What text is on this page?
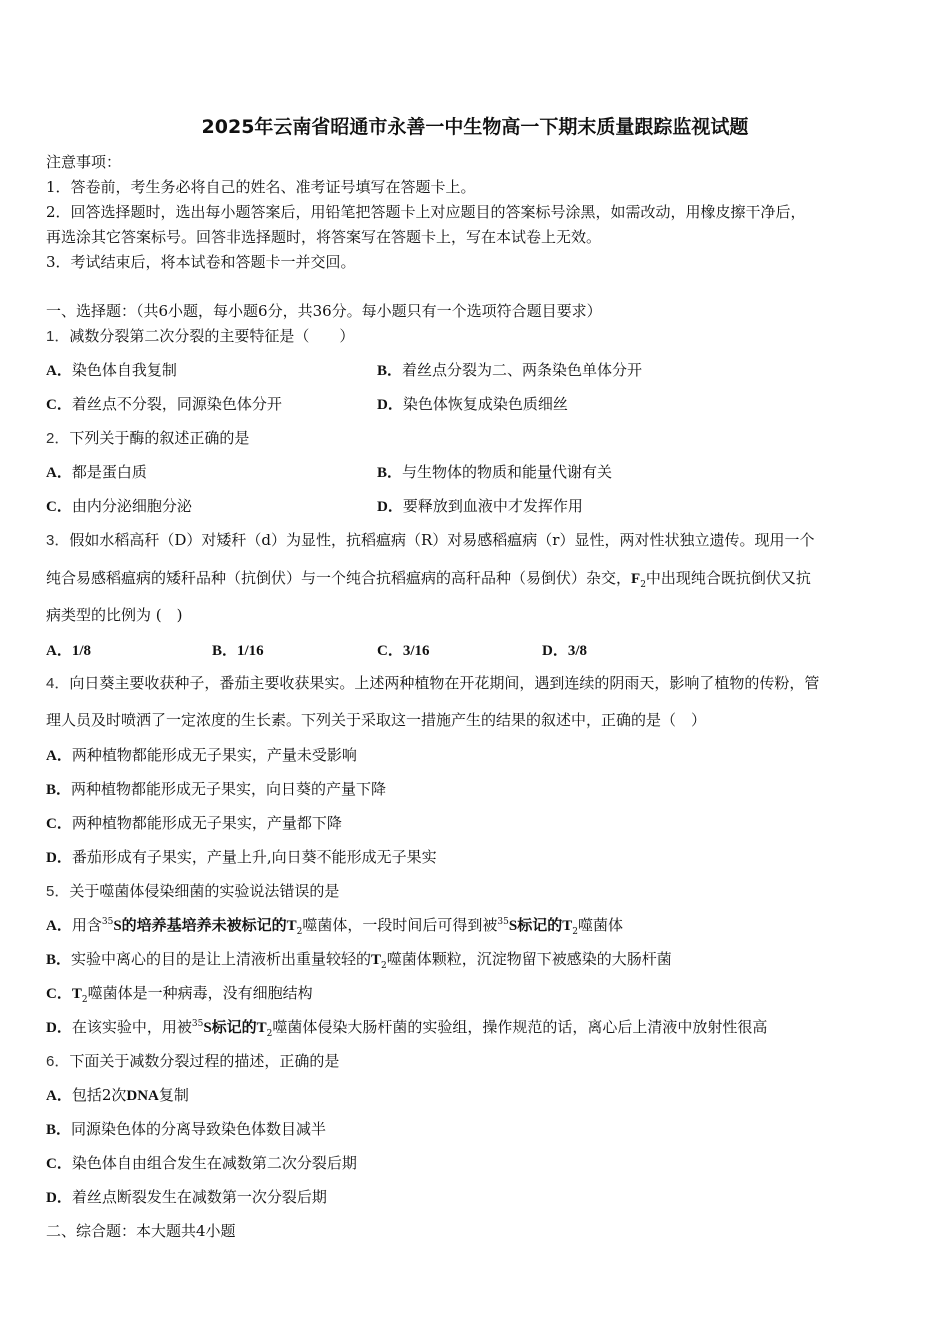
2025年云南省昭通市永善一中生物高一下期末质量跟踪监视试题
注意事项：
1．答卷前，考生务必将自己的姓名、准考证号填写在答题卡上。
2．回答选择题时，选出每小题答案后，用铅笔把答题卡上对应题目的答案标号涂黑，如需改动，用橡皮擦干净后，
再选涂其它答案标号。回答非选择题时，将答案写在答题卡上，写在本试卷上无效。
3．考试结束后，将本试卷和答题卡一并交回。
一、选择题：（共6小题，每小题6分，共36分。每小题只有一个选项符合题目要求）
1．减数分裂第二次分裂的主要特征是（　　）
A．染色体自我复制	B．着丝点分裂为二、两条染色单体分开
C．着丝点不分裂，同源染色体分开	D．染色体恢复成染色质细丝
2．下列关于酶的叙述正确的是
A．都是蛋白质	B．与生物体的物质和能量代谢有关
C．由内分泌细胞分泌	D．要释放到血液中才发挥作用
3．假如水稻高秆（D）对矮秆（d）为显性，抗稻瘟病（R）对易感稻瘟病（r）显性，两对性状独立遗传。现用一个
纯合易感稻瘟病的矮秆品种（抗倒伏）与一个纯合抗稻瘟病的高秆品种（易倒伏）杂交，$F_2$中出现纯合既抗倒伏又抗
病类型的比例为 (　)
A．1/8	B．1/16	C．3/16	D．3/8
4．向日葵主要收获种子，番茄主要收获果实。上述两种植物在开花期间，遇到连续的阴雨天，影响了植物的传粉，管
理人员及时喷洒了一定浓度的生长素。下列关于采取这一措施产生的结果的叙述中，正确的是（　）
A．两种植物都能形成无子果实，产量未受影响
B．两种植物都能形成无子果实，向日葵的产量下降
C．两种植物都能形成无子果实，产量都下降
D．番茄形成有子果实，产量上升,向日葵不能形成无子果实
5．关于噬菌体侵染细菌的实验说法错误的是
A．用含$^{35}$S的培养基培养未被标记的$T_2$噬菌体，一段时间后可得到被$^{35}$S标记的$T_2$噬菌体
B．实验中离心的目的是让上清液析出重量较轻的$T_2$噬菌体颗粒，沉淀物留下被感染的大肠杆菌
C．$T_2$噬菌体是一种病毒，没有细胞结构
D．在该实验中，用被$^{35}$S标记的$T_2$噬菌体侵染大肠杆菌的实验组，操作规范的话，离心后上清液中放射性很高
6．下面关于减数分裂过程的描述，正确的是
A．包括2次DNA复制
B．同源染色体的分离导致染色体数目减半
C．染色体自由组合发生在减数第二次分裂后期
D．着丝点断裂发生在减数第一次分裂后期
二、综合题：本大题共4小题
